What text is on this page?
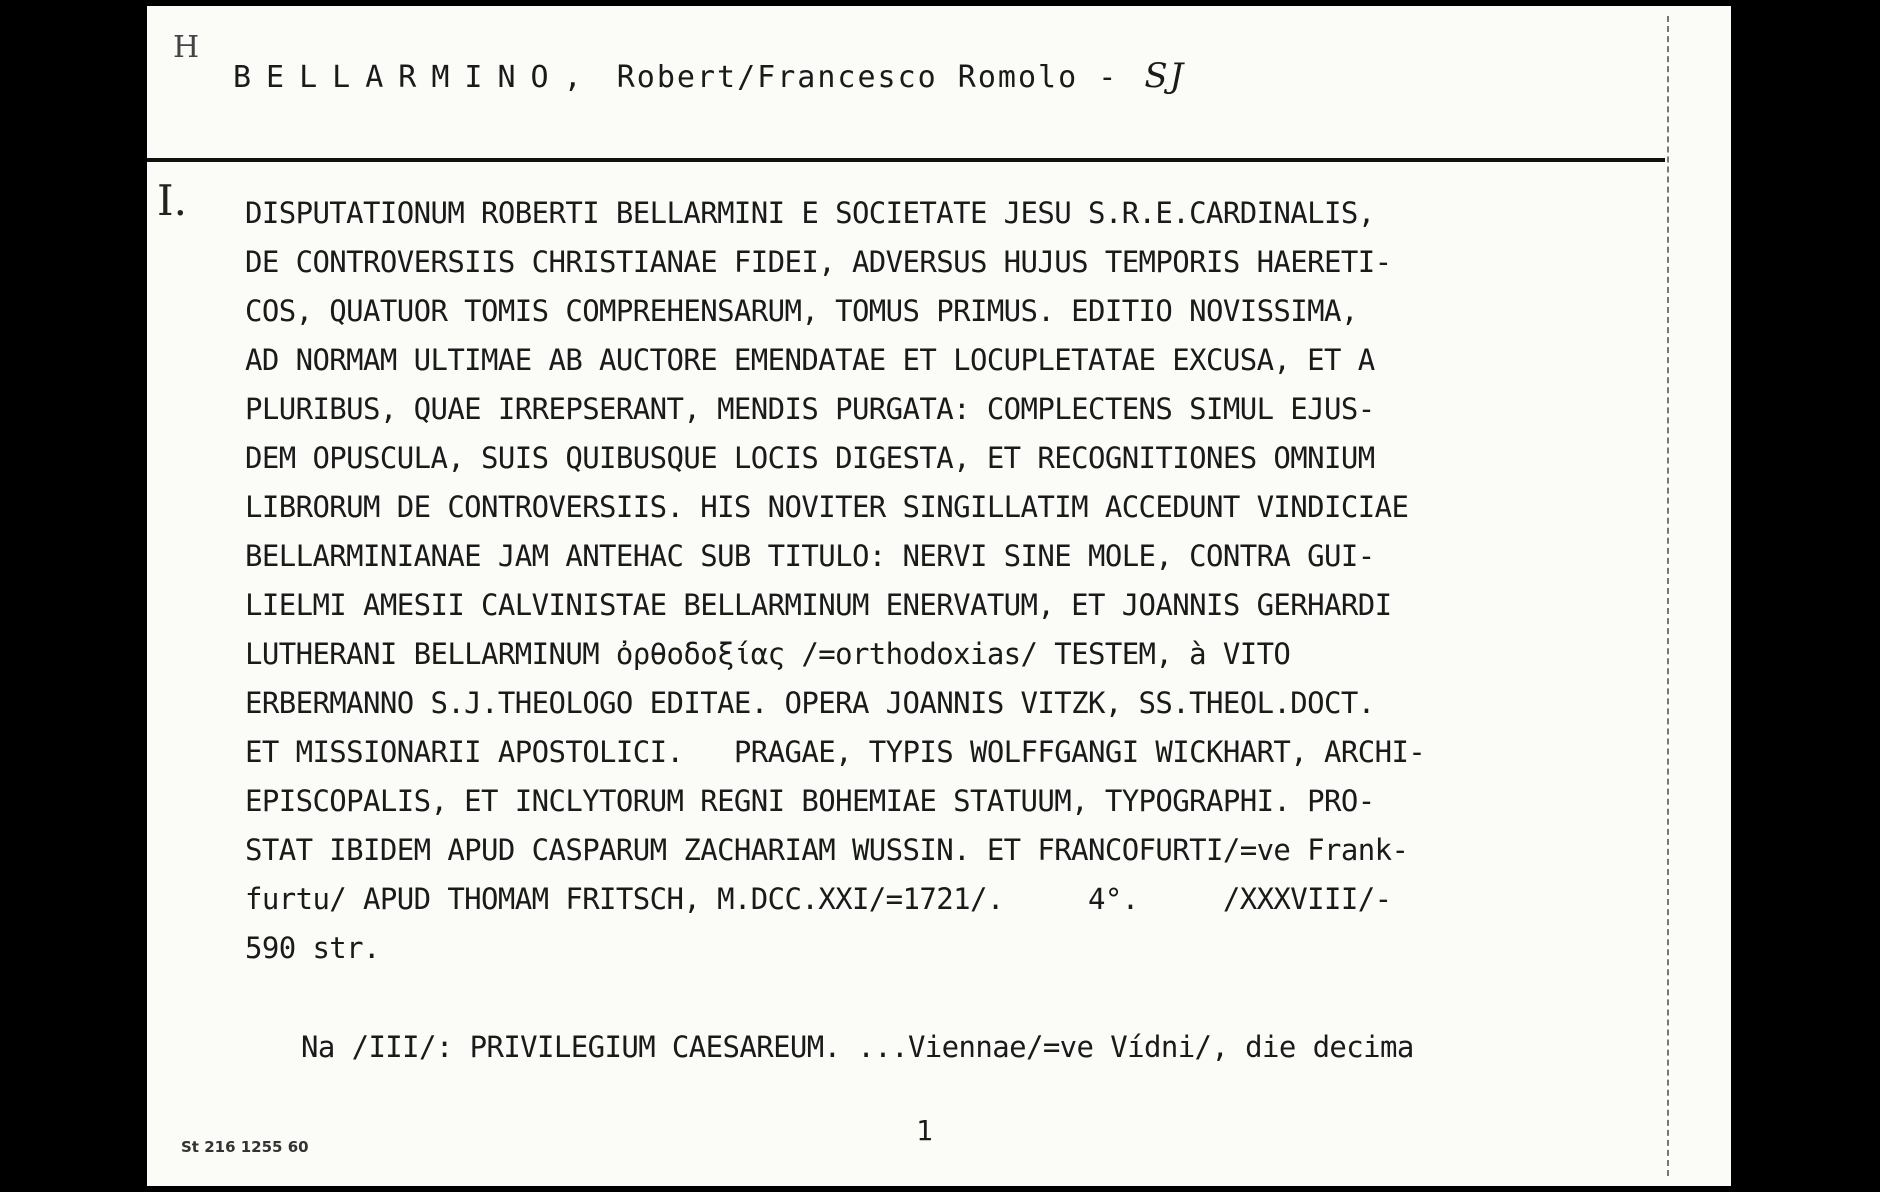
H
BELLARMINO, Robert/Francesco Romolo - SJ
I. DISPUTATIONUM ROBERTI BELLARMINI E SOCIETATE JESU S.R.E.CARDINALIS,
DE CONTROVERSIIS CHRISTIANAE FIDEI, ADVERSUS HUJUS TEMPORIS HAERETI-
COS, QUATUOR TOMIS COMPREHENSARUM, TOMUS PRIMUS. EDITIO NOVISSIMA,
AD NORMAM ULTIMAE AB AUCTORE EMENDATAE ET LOCUPLETATAE EXCUSA, ET A
PLURIBUS, QUAE IRREPSERANT, MENDIS PURGATA: COMPLECTENS SIMUL EJUS-
DEM OPUSCULA, SUIS QUIBUSQUE LOCIS DIGESTA, ET RECOGNITIONES OMNIUM
LIBRORUM DE CONTROVERSIIS. HIS NOVITER SINGILLATIM ACCEDUNT VINDICIAE
BELLARMINIANAE JAM ANTEHAC SUB TITULO: NERVI SINE MOLE, CONTRA GUI-
LIELMI AMESII CALVINISTAE BELLARMINUM ENERVATUM, ET JOANNIS GERHARDI
LUTHERANI BELLARMINUM ὀρθοδοξίας /=orthodoxias/ TESTEM, à VITO
ERBERMANNO S.J.THEOLOGO EDITAE. OPERA JOANNIS VITZK, SS.THEOL.DOCT.
ET MISSIONARII APOSTOLICI.   PRAGAE, TYPIS WOLFFGANGI WICKHART, ARCHI-
EPISCOPALIS, ET INCLYTORUM REGNI BOHEMIAE STATUUM, TYPOGRAPHI. PRO-
STAT IBIDEM APUD CASPARUM ZACHARIAM WUSSIN. ET FRANCOFURTI/=ve Frank-
furtu/ APUD THOMAM FRITSCH, M.DCC.XXI/=1721/.     4°.     /XXXVIII/-
590 str.
Na /III/: PRIVILEGIUM CAESAREUM. ...Viennae/=ve Vídni/, die decima
1
St 216 1255 60
